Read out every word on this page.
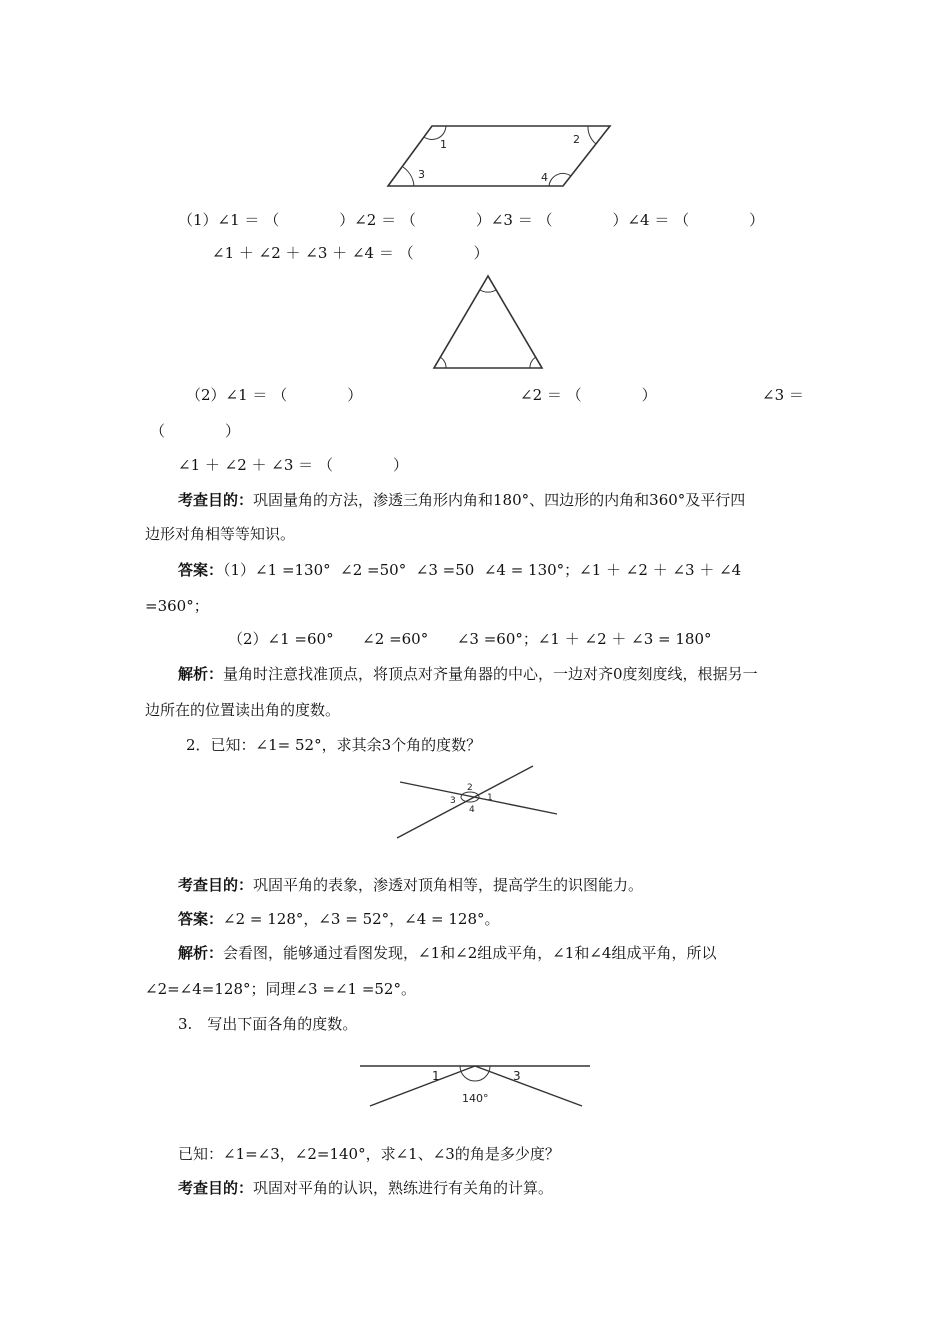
1	2
3	4
（1）∠1 ＝ （　　　　）∠2 ＝ （　　　　）∠3 ＝ （　　　　）∠4 ＝ （　　　　）
∠1 ＋ ∠2 ＋ ∠3 ＋ ∠4 ＝ （　　　　）
（2）∠1 ＝ （　　　　）	∠2 ＝ （　　　　）	∠3 ＝
（　　　　）
∠1 ＋ ∠2 ＋ ∠3 ＝ （　　　　）
考查目的：巩固量角的方法，渗透三角形内角和180°、四边形的内角和360°及平行四
边形对角相等等知识。
答案：（1）∠1 =130°  ∠2 =50°  ∠3 =50  ∠4 = 130°；∠1 ＋ ∠2 ＋ ∠3 ＋ ∠4
=360°；
（2）∠1 =60°      ∠2 =60°      ∠3 =60°；∠1 ＋ ∠2 ＋ ∠3 = 180°
解析：量角时注意找准顶点，将顶点对齐量角器的中心，一边对齐0度刻度线，根据另一
边所在的位置读出角的度数。
2．已知：∠1= 52°，求其余3个角的度数？
2
3	1
4
考查目的：巩固平角的表象，渗透对顶角相等，提高学生的识图能力。
答案：∠2 = 128°，∠3 = 52°，∠4 = 128°。
解析：会看图，能够通过看图发现，∠1和∠2组成平角，∠1和∠4组成平角，所以
∠2=∠4=128°；同理∠3 =∠1 =52°。
3.　写出下面各角的度数。
1	3
140°
已知：∠1=∠3，∠2=140°，求∠1、∠3的角是多少度？
考查目的：巩固对平角的认识，熟练进行有关角的计算。
